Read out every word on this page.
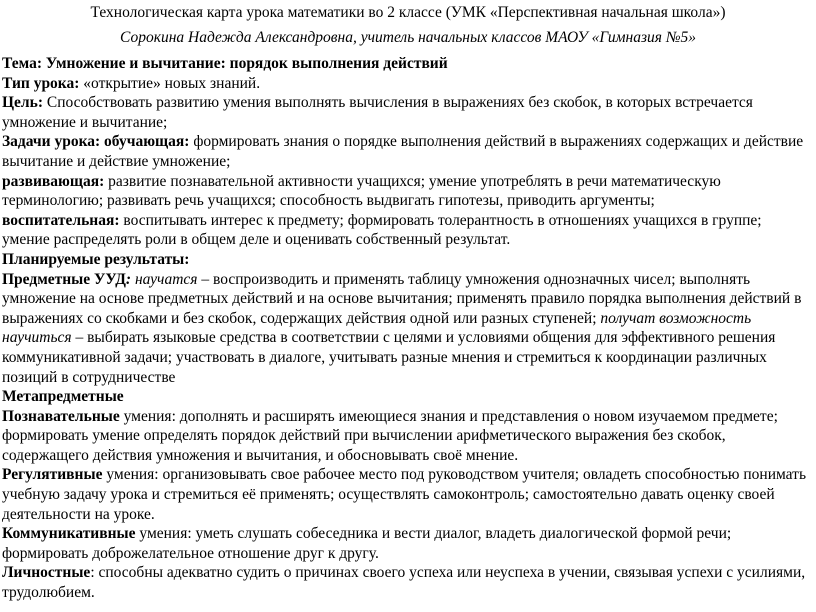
Технологическая карта урока математики во 2 классе (УМК «Перспективная начальная школа»)
Сорокина Надежда Александровна, учитель начальных классов МАОУ «Гимназия №5»

Тема: Умножение и вычитание: порядок выполнения действий

Тип урока: «открытие» новых знаний.

Цель: Способствовать развитию умения выполнять вычисления в выражениях без скобок, в которых встречается умножение и вычитание;

Задачи урока: обучающая: формировать знания о порядке выполнения действий в выражениях содержащих и действие вычитание и действие умножение;

развивающая: развитие познавательной активности учащихся; умение употреблять в речи математическую терминологию; развивать речь учащихся; способность выдвигать гипотезы, приводить аргументы;

воспитательная: воспитывать интерес к предмету; формировать толерантность в отношениях учащихся в группе; умение распределять роли в общем деле и оценивать собственный результат.

Планируемые результаты:

Предметные УУД: научатся – воспроизводить и применять таблицу умножения однозначных чисел; выполнять умножение на основе предметных действий и на основе вычитания; применять правило порядка выполнения действий в выражениях со скобками и без скобок, содержащих действия одной или разных ступеней; получат возможность научиться – выбирать языковые средства в соответствии с целями и условиями общения для эффективного решения коммуникативной задачи; участвовать в диалоге, учитывать разные мнения и стремиться к координации различных позиций в сотрудничестве

Метапредметные

Познавательные умения: дополнять и расширять имеющиеся знания и представления о новом изучаемом предмете; формировать умение определять порядок действий при вычислении арифметического выражения без скобок, содержащего действия умножения и вычитания, и обосновывать своё мнение.

Регулятивные умения: организовывать свое рабочее место под руководством учителя; овладеть способностью понимать учебную задачу урока и стремиться её применять; осуществлять самоконтроль; самостоятельно давать оценку своей деятельности на уроке.

Коммуникативные умения: уметь слушать собеседника и вести диалог, владеть диалогической формой речи; формировать доброжелательное отношение друг к другу.

Личностные: способны адекватно судить о причинах своего успеха или неуспеха в учении, связывая успехи с усилиями, трудолюбием.
